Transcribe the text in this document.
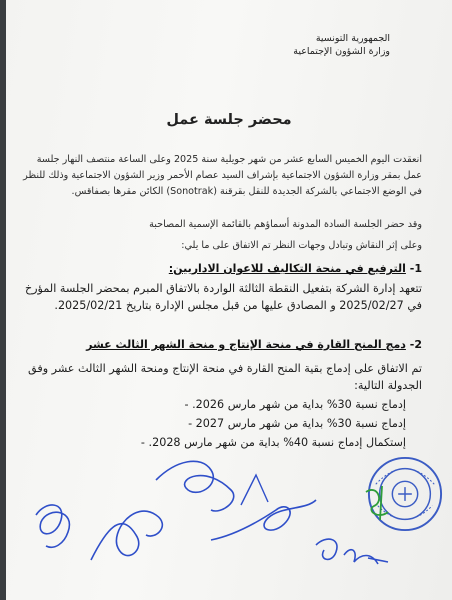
الجمهورية التونسية
وزارة الشؤون الإجتماعية
محضر جلسة عمل
انعقدت اليوم الخميس السابع عشر من شهر جويلية سنة 2025 وعلى الساعة منتصف النهار جلسة عمل بمقر وزارة الشؤون الاجتماعية بإشراف السيد عصام الأحمر وزير الشؤون الاجتماعية وذلك للنظر في الوضع الاجتماعي بالشركة الجديدة للنقل بقرقنة (Sonotrak) الكائن مقرها بصفاقس.
وقد حضر الجلسة السادة المدونة أسماؤهم بالقائمة الإسمية المصاحبة
وعلى إثر النقاش وتبادل وجهات النظر تم الاتفاق على ما يلي:
1- الترفيع في منحة التكاليف للاعوان الاداريين:
تتعهد إدارة الشركة بتفعيل النقطة الثالثة الواردة بالاتفاق المبرم بمحضر الجلسة المؤرخ في 2025/02/27 و المصادق عليها من قبل مجلس الإدارة بتاريخ 2025/02/21.
2- دمج المنح القارة في منحة الإنتاج و منحة الشهر الثالث عشر
تم الاتفاق على إدماج بقية المنح القارة في منحة الإنتاج ومنحة الشهر الثالث عشر وفق الجدولة التالية:
إدماج نسبة 30% بداية من شهر مارس 2026. -
إدماج نسبة 30% بداية من شهر مارس 2027 -
إستكمال إدماج نسبة 40% بداية من شهر مارس 2028. -
